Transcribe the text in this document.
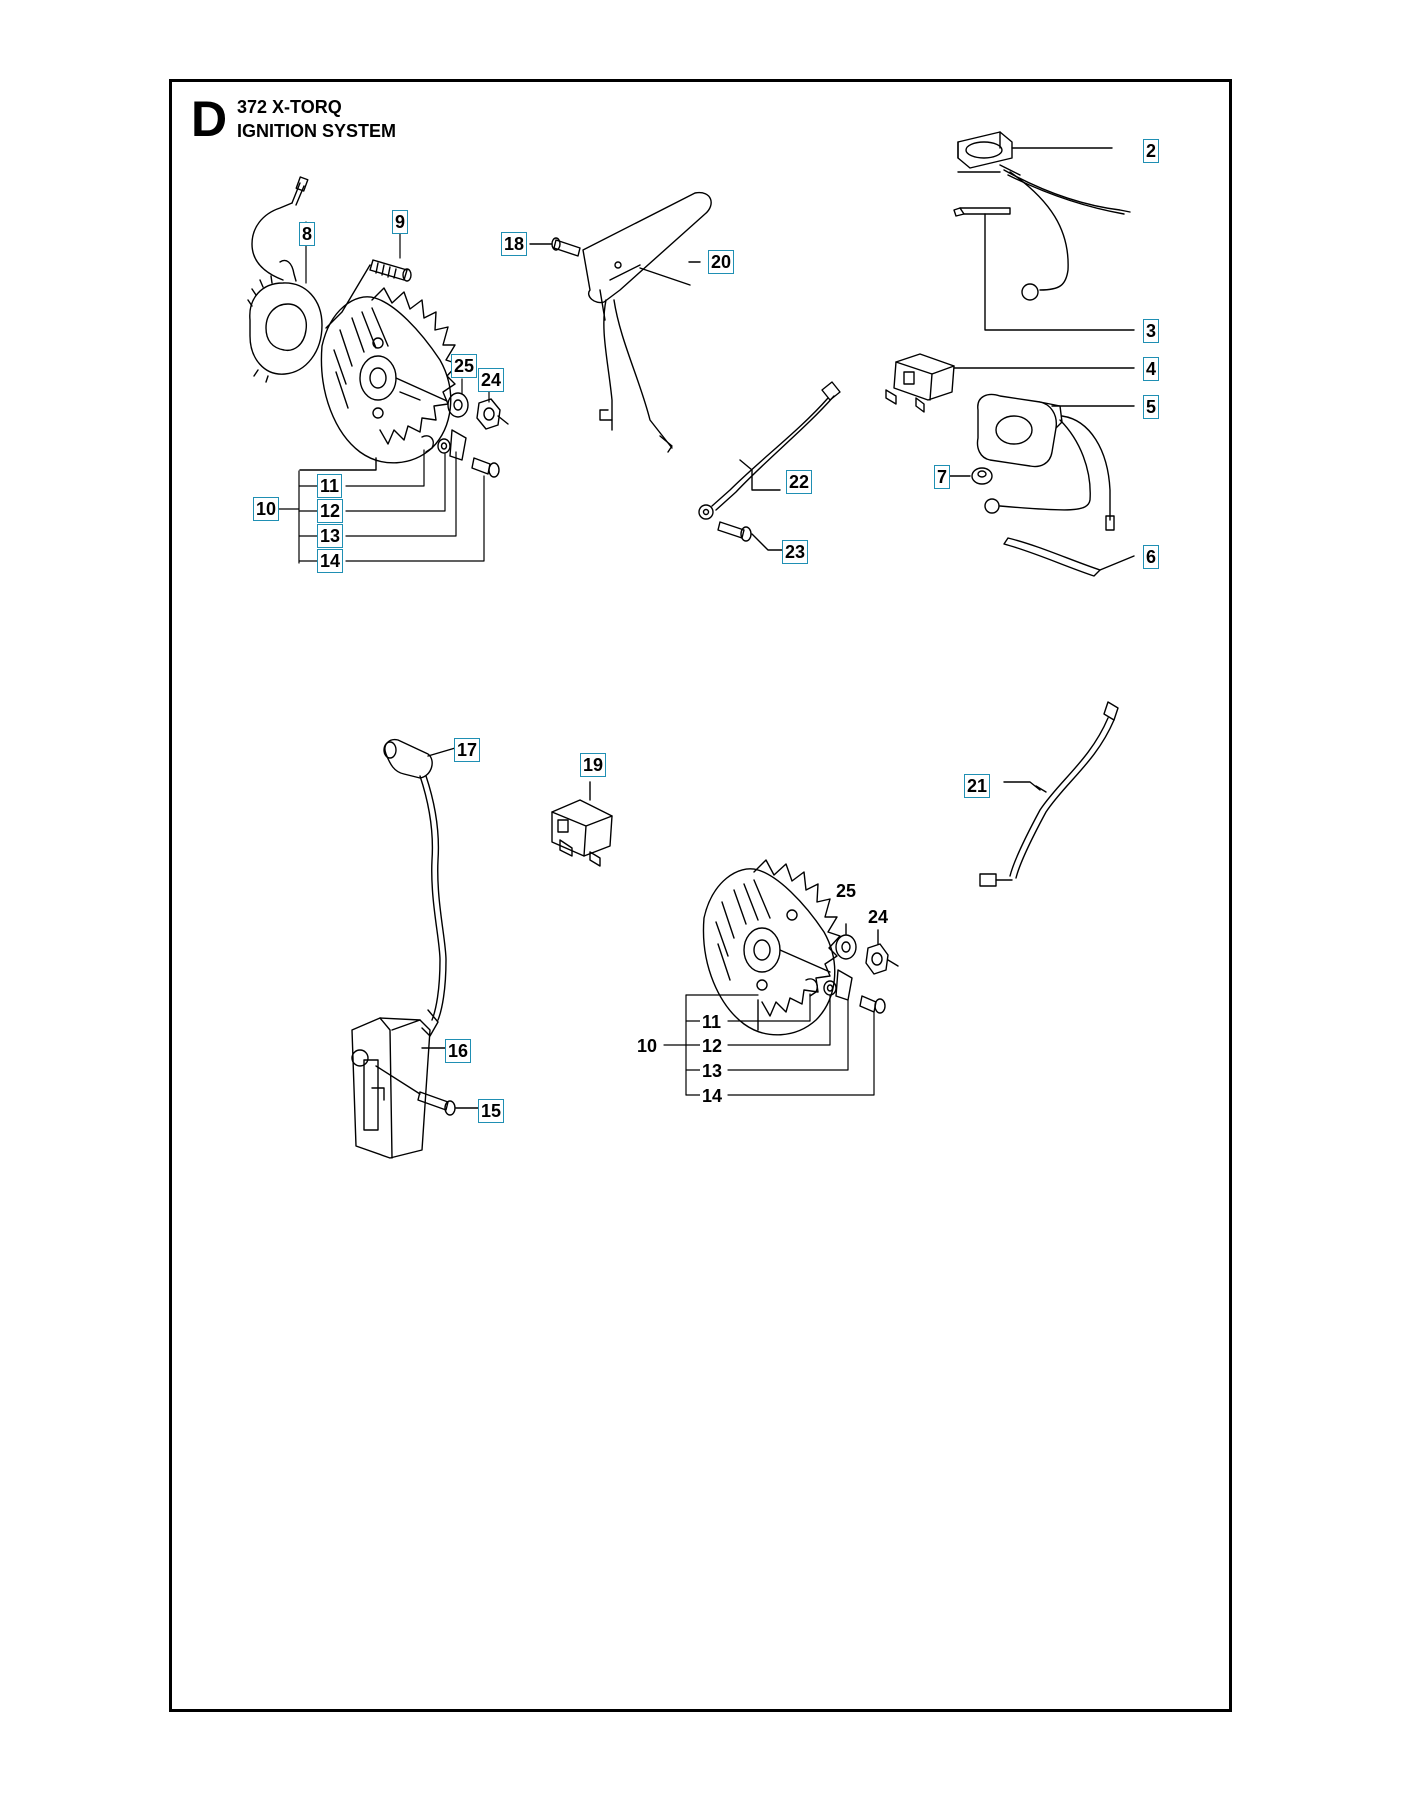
D 372 X-TORQ
IGNITION SYSTEM
2
3
4
5
6
7
8
9
10
11
12
13
14
25
24
18
20
22
23
17
19
21
16
15
25
24
10
11
12
13
14
